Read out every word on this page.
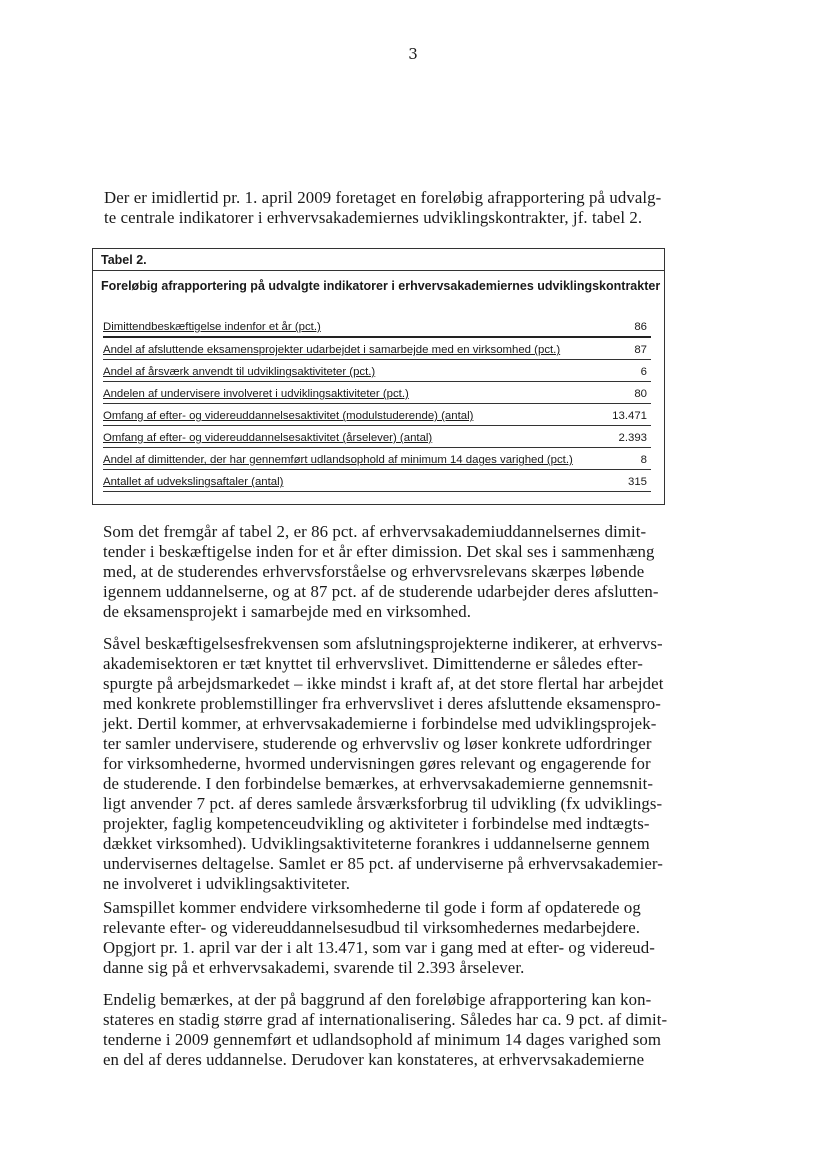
3
Der er imidlertid pr. 1. april 2009 foretaget en foreløbig afrapportering på udvalg-
te centrale indikatorer i erhvervsakademiernes udviklingskontrakter, jf. tabel 2.
Tabel 2.
Foreløbig afrapportering på udvalgte indikatorer i erhvervsakademiernes udviklingskontrakter
Dimittendbeskæftigelse indenfor et år (pct.)	86
Andel af afsluttende eksamensprojekter udarbejdet i samarbejde med en virksomhed (pct.)	87
Andel af årsværk anvendt til udviklingsaktiviteter (pct.)	6
Andelen af undervisere involveret i udviklingsaktiviteter (pct.)	80
Omfang af efter- og videreuddannelsesaktivitet (modulstuderende) (antal)	13.471
Omfang af efter- og videreuddannelsesaktivitet (årselever) (antal)	2.393
Andel af dimittender, der har gennemført udlandsophold af minimum 14 dages varighed (pct.)	8
Antallet af udvekslingsaftaler (antal)	315
Som det fremgår af tabel 2, er 86 pct. af erhvervsakademiuddannelsernes dimit-
tender i beskæftigelse inden for et år efter dimission. Det skal ses i sammenhæng
med, at de studerendes erhvervsforståelse og erhvervsrelevans skærpes løbende
igennem uddannelserne, og at 87 pct. af de studerende udarbejder deres afslutten-
de eksamensprojekt i samarbejde med en virksomhed.
Såvel beskæftigelsesfrekvensen som afslutningsprojekterne indikerer, at erhvervs-
akademisektoren er tæt knyttet til erhvervslivet. Dimittenderne er således efter-
spurgte på arbejdsmarkedet – ikke mindst i kraft af, at det store flertal har arbejdet
med konkrete problemstillinger fra erhvervslivet i deres afsluttende eksamenspro-
jekt. Dertil kommer, at erhvervsakademierne i forbindelse med udviklingsprojek-
ter samler undervisere, studerende og erhvervsliv og løser konkrete udfordringer
for virksomhederne, hvormed undervisningen gøres relevant og engagerende for
de studerende. I den forbindelse bemærkes, at erhvervsakademierne gennemsnit-
ligt anvender 7 pct. af deres samlede årsværksforbrug til udvikling (fx udviklings-
projekter, faglig kompetenceudvikling og aktiviteter i forbindelse med indtægts-
dækket virksomhed). Udviklingsaktiviteterne forankres i uddannelserne gennem
undervisernes deltagelse. Samlet er 85 pct. af underviserne på erhvervsakademier-
ne involveret i udviklingsaktiviteter.
Samspillet kommer endvidere virksomhederne til gode i form af opdaterede og
relevante efter- og videreuddannelsesudbud til virksomhedernes medarbejdere.
Opgjort pr. 1. april var der i alt 13.471, som var i gang med at efter- og videreud-
danne sig på et erhvervsakademi, svarende til 2.393 årselever.
Endelig bemærkes, at der på baggrund af den foreløbige afrapportering kan kon-
stateres en stadig større grad af internationalisering. Således har ca. 9 pct. af dimit-
tenderne i 2009 gennemført et udlandsophold af minimum 14 dages varighed som
en del af deres uddannelse. Derudover kan konstateres, at erhvervsakademierne
